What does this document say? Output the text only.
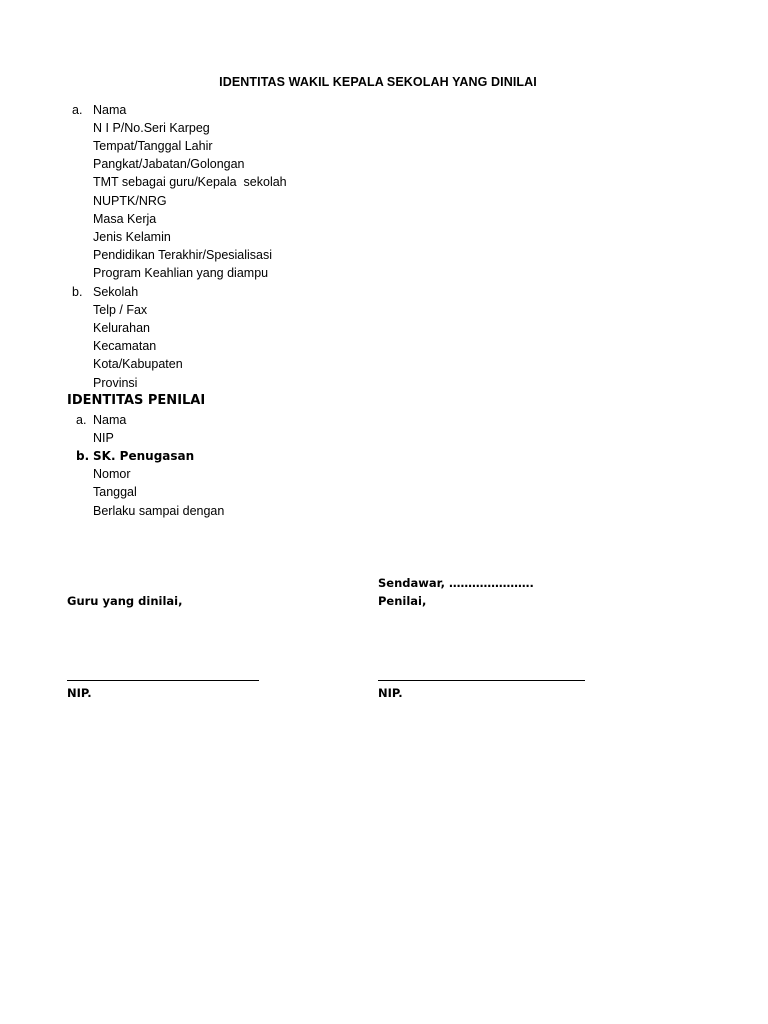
IDENTITAS WAKIL KEPALA SEKOLAH YANG DINILAI
a. Nama
N I P/No.Seri Karpeg
Tempat/Tanggal Lahir
Pangkat/Jabatan/Golongan
TMT sebagai guru/Kepala  sekolah
NUPTK/NRG
Masa Kerja
Jenis Kelamin
Pendidikan Terakhir/Spesialisasi
Program Keahlian yang diampu
b. Sekolah
Telp / Fax
Kelurahan
Kecamatan
Kota/Kabupaten
Provinsi
IDENTITAS PENILAI
a. Nama
NIP
b. SK. Penugasan
Nomor
Tanggal
Berlaku sampai dengan
Sendawar, ………………….
Guru yang dinilai,	Penilai,
NIP.	NIP.
